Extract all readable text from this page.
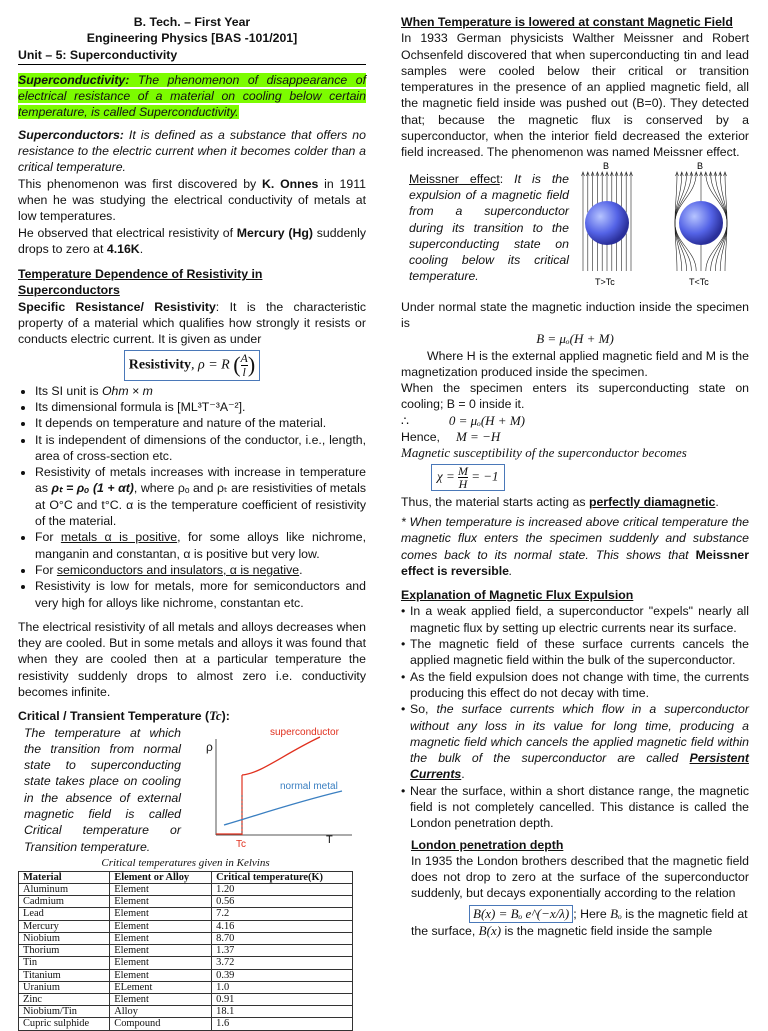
B. Tech. – First Year

Engineering Physics [BAS -101/201]

Unit – 5: Superconductivity

Superconductivity: The phenomenon of disappearance of electrical resistance of a material on cooling below certain temperature, is called Superconductivity.

Superconductors: It is defined as a substance that offers no resistance to the electric current when it becomes colder than a critical temperature.

This phenomenon was first discovered by K. Onnes in 1911 when he was studying the electrical conductivity of metals at low temperatures.

He observed that electrical resistivity of Mercury (Hg) suddenly drops to zero at 4.16K.

Temperature Dependence of Resistivity in Superconductors

Specific Resistance/ Resistivity: It is the characteristic property of a material which qualifies how strongly it resists or conducts electric current. It is given as under

Resistivity, ρ = R ( $\frac{A}{l}$ )
• Its SI unit is Ohm × m
• Its dimensional formula is [ML³T⁻³A⁻²].
• It depends on temperature and nature of the material.
• It is independent of dimensions of the conductor, i.e., length, area of cross-section etc.
• Resistivity of metals increases with increase in temperature as ρₜ = ρₒ (1 + αt), where ρₒ and ρₜ are resistivities of metals at O°C and t°C. α is the temperature coefficient of resistivity of the material.
• For metals α is positive, for some alloys like nichrome, manganin and constantan, α is positive but very low.
• For semiconductors and insulators, α is negative.
• Resistivity is low for metals, more for semiconductors and very high for alloys like nichrome, constantan etc.

The electrical resistivity of all metals and alloys decreases when they are cooled. But in some metals and alloys it was found that when they are cooled then at a particular temperature the resistivity suddenly drops to almost zero i.e. conductivity becomes infinite.

Critical / Transient Temperature (Tc):

The temperature at which the transition from normal state to superconducting state takes place on cooling in the absence of external magnetic field is called Critical temperature or Transition temperature.

ρ
superconductor
normal metal
Tc	T

Critical temperatures given in Kelvins

Material	Element or Alloy	Critical temperature(K)
Aluminum	Element	1.20
Cadmium	Element	0.56
Lead	Element	7.2
Mercury	Element	4.16
Niobium	Element	8.70
Thorium	Element	1.37
Tin	Element	3.72
Titanium	Element	0.39
Uranium	ELement	1.0
Zinc	Element	0.91
Niobium/Tin	Alloy	18.1
Cupric sulphide	Compound	1.6

When Temperature is lowered at constant Magnetic Field

In 1933 German physicists Walther Meissner and Robert Ochsenfeld discovered that when superconducting tin and lead samples were cooled below their critical or transition temperatures in the presence of an applied magnetic field, all the magnetic field inside was pushed out (B=0). They detected that; because the magnetic flux is conserved by a superconductor, when the interior field decreased the exterior field increased. The phenomenon was named Meissner effect.

Meissner effect: It is the expulsion of a magnetic field from a superconductor during its transition to the superconducting state on cooling below its critical temperature.

B	B
T>Tc	T<Tc

Under normal state the magnetic induction inside the specimen is

B = μₒ(H + M)

Where H is the external applied magnetic field and M is the magnetization produced inside the specimen.

When the specimen enters its superconducting state on cooling; B = 0 inside it.

∴	0 = μₒ(H + M)

Hence, M = −H

Magnetic susceptibility of the superconductor becomes

$\chi = \frac{M}{H} = -1$

Thus, the material starts acting as perfectly diamagnetic.

* When temperature is increased above critical temperature the magnetic flux enters the specimen suddenly and substance comes back to its normal state. This shows that Meissner effect is reversible.

Explanation of Magnetic Flux Expulsion

• In a weak applied field, a superconductor "expels" nearly all magnetic flux by setting up electric currents near its surface.
• The magnetic field of these surface currents cancels the applied magnetic field within the bulk of the superconductor.
• As the field expulsion does not change with time, the currents producing this effect do not decay with time.
• So, the surface currents which flow in a superconductor without any loss in its value for long time, producing a magnetic field which cancels the applied magnetic field within the bulk of the superconductor are called Persistent Currents.
• Near the surface, within a short distance range, the magnetic field is not completely cancelled. This distance is called the London penetration depth.

London penetration depth

In 1935 the London brothers described that the magnetic field does not drop to zero at the surface of the superconductor suddenly, but decays exponentially according to the relation

B(x) = Bₒ e^(−x/λ) ; Here Bₒ is the magnetic field at the surface, B(x) is the magnetic field inside the sample
